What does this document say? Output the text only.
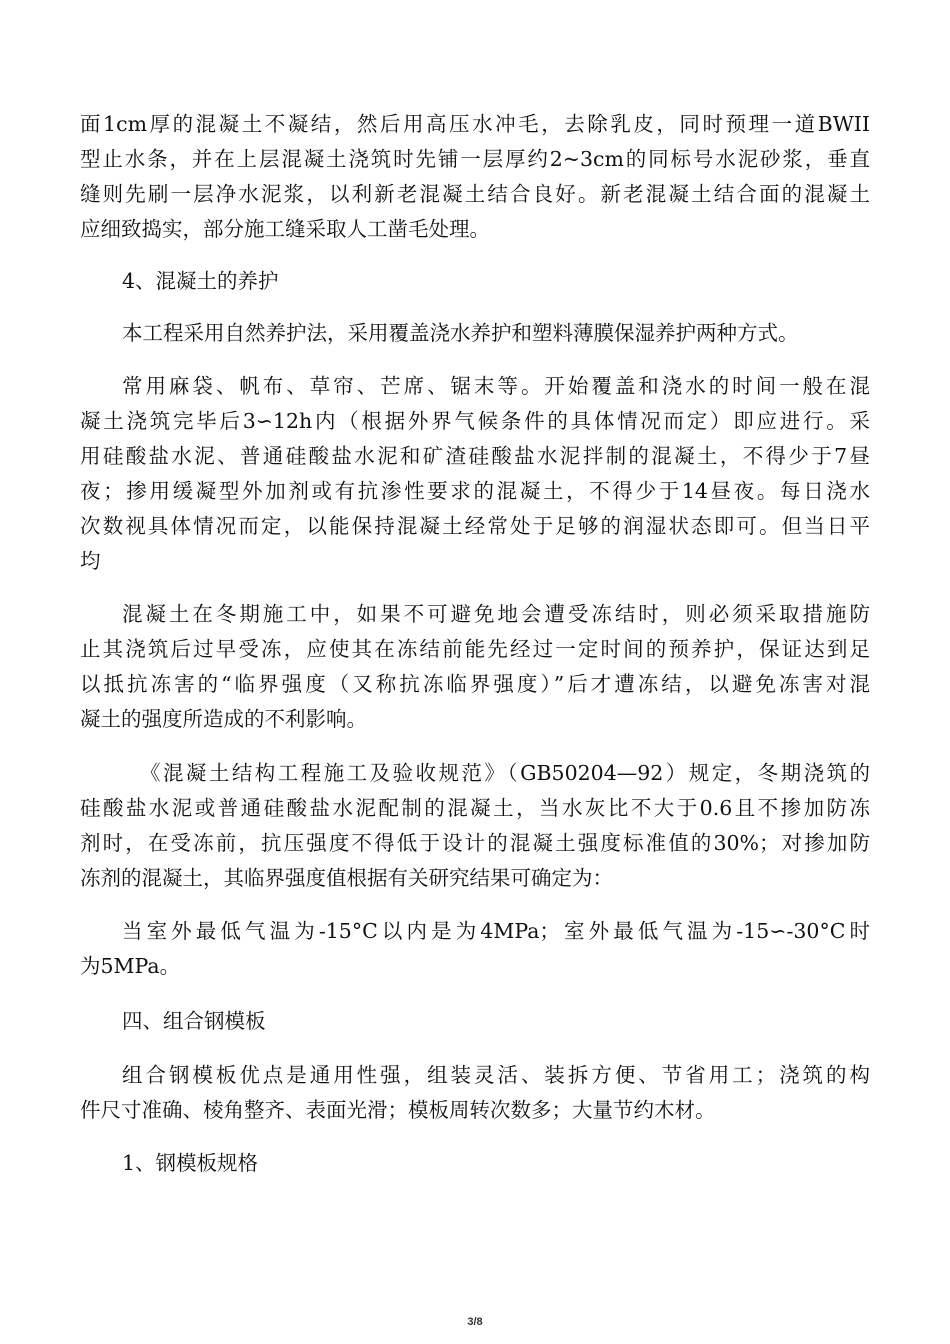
面1cm厚的混凝土不凝结，然后用高压水冲毛，去除乳皮，同时预理一道BWII
型止水条，并在上层混凝土浇筑时先铺一层厚约2~3cm的同标号水泥砂浆，垂直
缝则先刷一层净水泥浆，以利新老混凝土结合良好。新老混凝土结合面的混凝土
应细致捣实，部分施工缝采取人工凿毛处理。
4、混凝土的养护
本工程采用自然养护法，采用覆盖浇水养护和塑料薄膜保湿养护两种方式。
常用麻袋、帆布、草帘、芒席、锯末等。开始覆盖和浇水的时间一般在混
凝土浇筑完毕后3∽12h内（根据外界气候条件的具体情况而定）即应进行。采
用硅酸盐水泥、普通硅酸盐水泥和矿渣硅酸盐水泥拌制的混凝土，不得少于7昼
夜；掺用缓凝型外加剂或有抗渗性要求的混凝土，不得少于14昼夜。每日浇水
次数视具体情况而定，以能保持混凝土经常处于足够的润湿状态即可。但当日平
均
混凝土在冬期施工中，如果不可避免地会遭受冻结时，则必须采取措施防
止其浇筑后过早受冻，应使其在冻结前能先经过一定时间的预养护，保证达到足
以抵抗冻害的“临界强度（又称抗冻临界强度）”后才遭冻结，以避免冻害对混
凝土的强度所造成的不利影响。
《混凝土结构工程施工及验收规范》（GB50204—92）规定，冬期浇筑的
硅酸盐水泥或普通硅酸盐水泥配制的混凝土，当水灰比不大于0.6且不掺加防冻
剂时，在受冻前，抗压强度不得低于设计的混凝土强度标准值的30%；对掺加防
冻剂的混凝土，其临界强度值根据有关研究结果可确定为：
当室外最低气温为-15°C以内是为4MPa；室外最低气温为-15∽-30°C时
为5MPa。
四、组合钢模板
组合钢模板优点是通用性强，组装灵活、装拆方便、节省用工；浇筑的构
件尺寸准确、棱角整齐、表面光滑；模板周转次数多；大量节约木材。
1、钢模板规格
3/8
